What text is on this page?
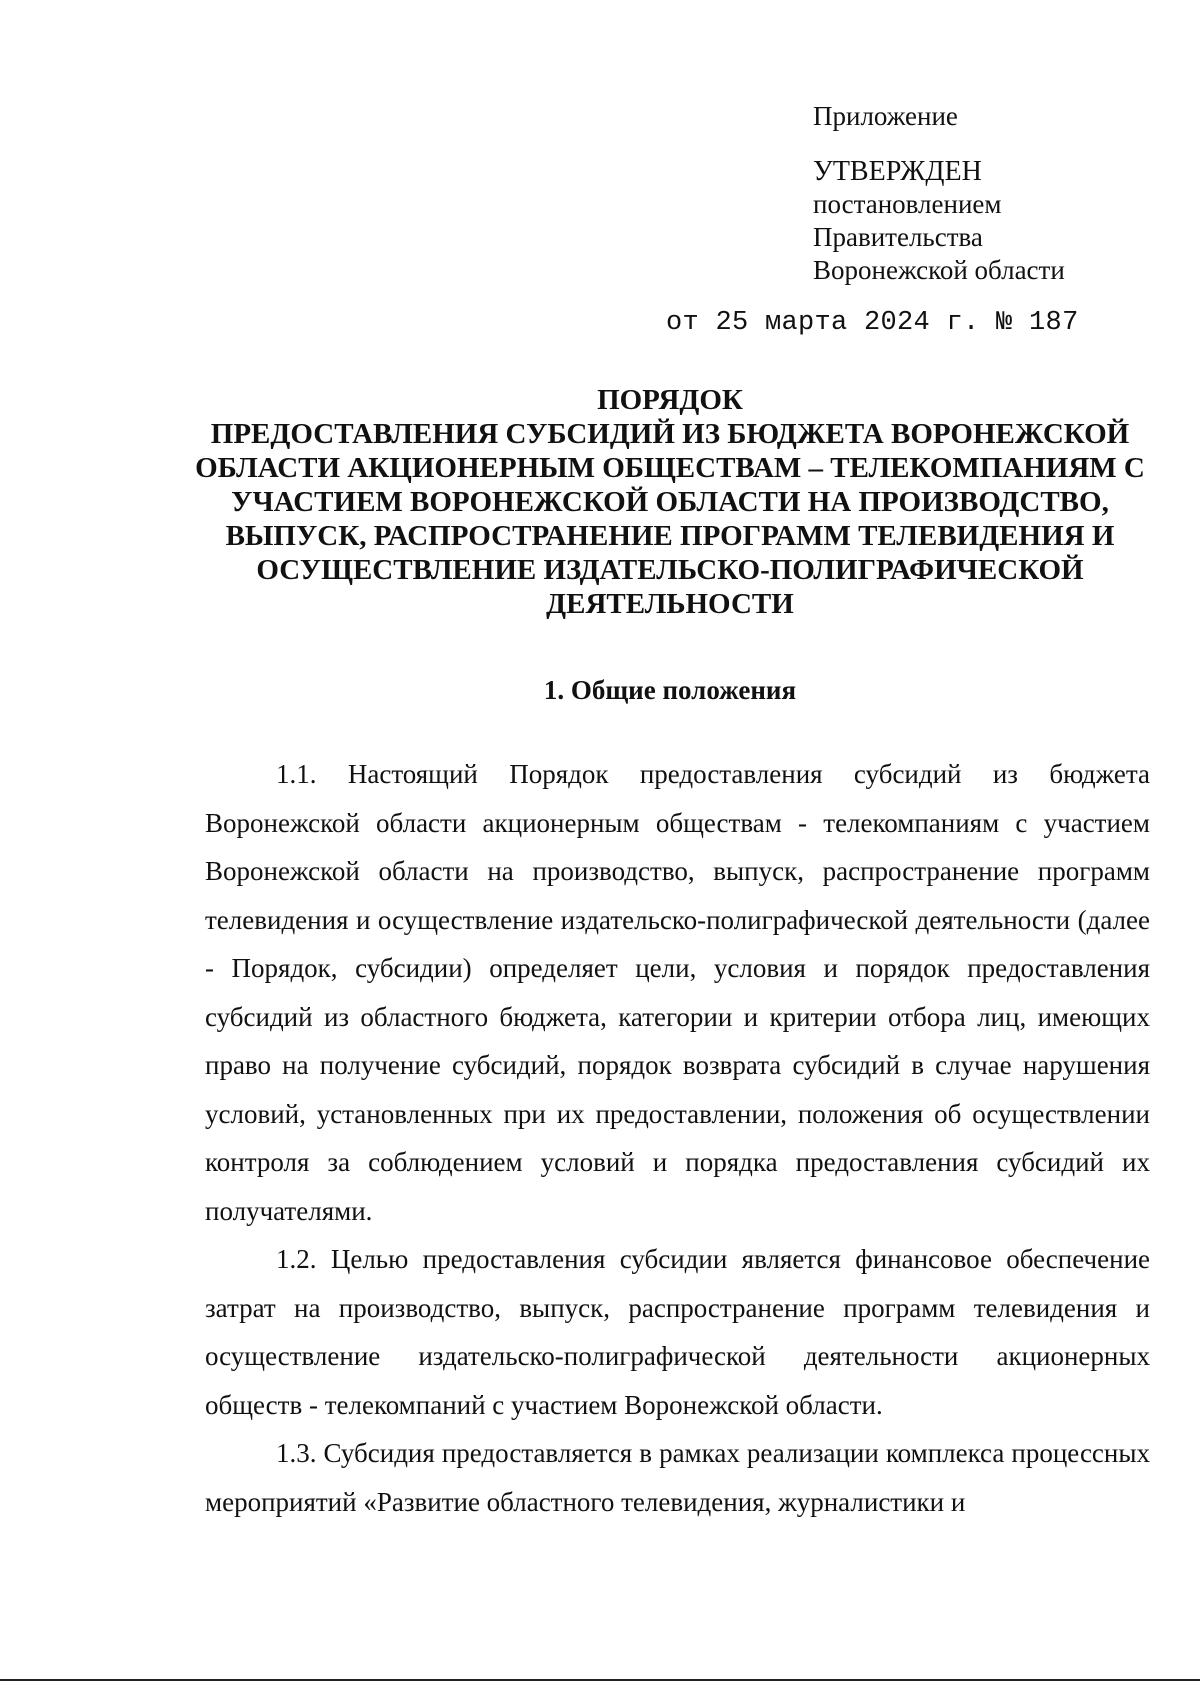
Приложение
УТВЕРЖДЕН
постановлением
Правительства
Воронежской области
от 25 марта 2024 г. № 187
ПОРЯДОК
ПРЕДОСТАВЛЕНИЯ СУБСИДИЙ ИЗ БЮДЖЕТА ВОРОНЕЖСКОЙ ОБЛАСТИ АКЦИОНЕРНЫМ ОБЩЕСТВАМ – ТЕЛЕКОМПАНИЯМ С УЧАСТИЕМ ВОРОНЕЖСКОЙ ОБЛАСТИ НА ПРОИЗВОДСТВО, ВЫПУСК, РАСПРОСТРАНЕНИЕ ПРОГРАММ ТЕЛЕВИДЕНИЯ И ОСУЩЕСТВЛЕНИЕ ИЗДАТЕЛЬСКО-ПОЛИГРАФИЧЕСКОЙ ДЕЯТЕЛЬНОСТИ
1. Общие положения

1.1. Настоящий Порядок предоставления субсидий из бюджета Воронежской области акционерным обществам - телекомпаниям с участием Воронежской области на производство, выпуск, распространение программ телевидения и осуществление издательско-полиграфической деятельности (далее - Порядок, субсидии) определяет цели, условия и порядок предоставления субсидий из областного бюджета, категории и критерии отбора лиц, имеющих право на получение субсидий, порядок возврата субсидий в случае нарушения условий, установленных при их предоставлении, положения об осуществлении контроля за соблюдением условий и порядка предоставления субсидий их получателями.

1.2. Целью предоставления субсидии является финансовое обеспечение затрат на производство, выпуск, распространение программ телевидения и осуществление издательско-полиграфической деятельности акционерных обществ - телекомпаний с участием Воронежской области.

1.3. Субсидия предоставляется в рамках реализации комплекса процессных мероприятий «Развитие областного телевидения, журналистики и
